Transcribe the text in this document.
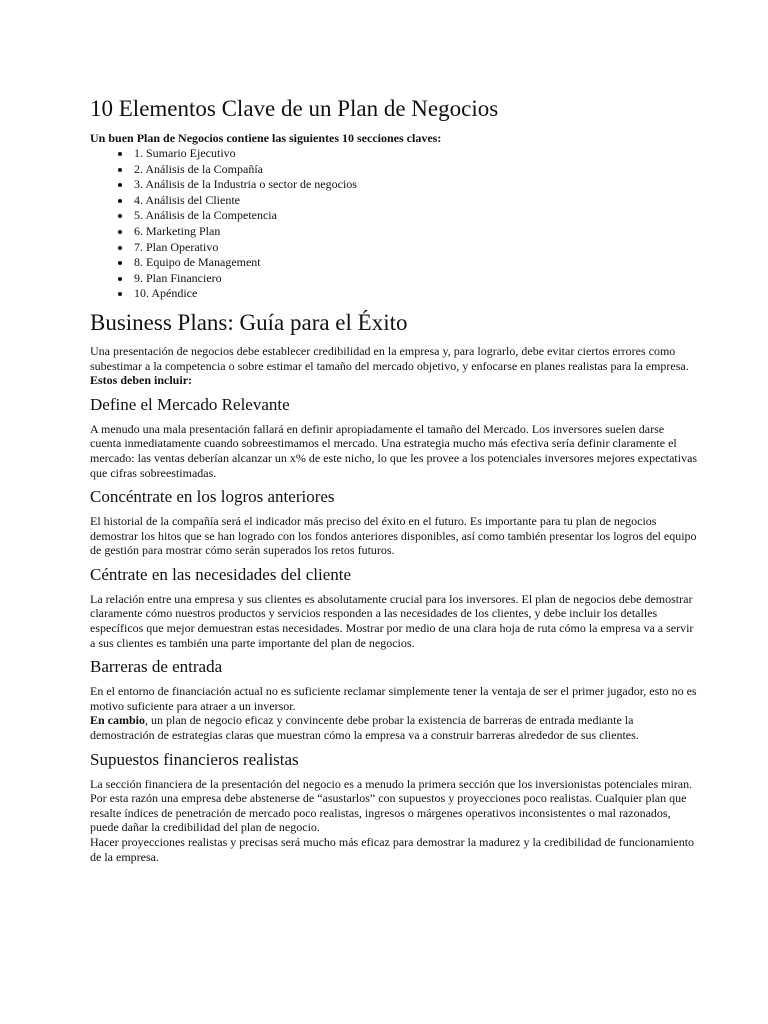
10 Elementos Clave de un Plan de Negocios

Un buen Plan de Negocios contiene las siguientes 10 secciones claves:

• 1. Sumario Ejecutivo
• 2. Análisis de la Compañía
• 3. Análisis de la Industria o sector de negocios
• 4. Análisis del Cliente
• 5. Análisis de la Competencia
• 6. Marketing Plan
• 7. Plan Operativo
• 8. Equipo de Management
• 9. Plan Financiero
• 10. Apéndice
Business Plans: Guía para el Éxito

Una presentación de negocios debe establecer credibilidad en la empresa y, para lograrlo, debe evitar ciertos errores como subestimar a la competencia o sobre estimar el tamaño del mercado objetivo, y enfocarse en planes realistas para la empresa.

Estos deben incluir:

Define el Mercado Relevante

A menudo una mala presentación fallará en definir apropiadamente el tamaño del Mercado. Los inversores suelen darse cuenta inmediatamente cuando sobreestimamos el mercado. Una estrategia mucho más efectiva sería definir claramente el mercado: las ventas deberían alcanzar un x% de este nicho, lo que les provee a los potenciales inversores mejores expectativas que cifras sobreestimadas.

Concéntrate en los logros anteriores

El historial de la compañía será el indicador más preciso del éxito en el futuro. Es importante para tu plan de negocios demostrar los hitos que se han logrado con los fondos anteriores disponibles, así como también presentar los logros del equipo de gestión para mostrar cómo serán superados los retos futuros.

Céntrate en las necesidades del cliente

La relación entre una empresa y sus clientes es absolutamente crucial para los inversores. El plan de negocios debe demostrar claramente cómo nuestros productos y servicios responden a las necesidades de los clientes, y debe incluir los detalles específicos que mejor demuestran estas necesidades. Mostrar por medio de una clara hoja de ruta cómo la empresa va a servir a sus clientes es también una parte importante del plan de negocios.

Barreras de entrada

En el entorno de financiación actual no es suficiente reclamar simplemente tener la ventaja de ser el primer jugador, esto no es motivo suficiente para atraer a un inversor.

En cambio, un plan de negocio eficaz y convincente debe probar la existencia de barreras de entrada mediante la demostración de estrategias claras que muestran cómo la empresa va a construir barreras alrededor de sus clientes.

Supuestos financieros realistas

La sección financiera de la presentación del negocio es a menudo la primera sección que los inversionistas potenciales miran. Por esta razón una empresa debe abstenerse de “asustarlos” con supuestos y proyecciones poco realistas. Cualquier plan que resalte índices de penetración de mercado poco realistas, ingresos o márgenes operativos inconsistentes o mal razonados, puede dañar la credibilidad del plan de negocio.

Hacer proyecciones realistas y precisas será mucho más eficaz para demostrar la madurez y la credibilidad de funcionamiento de la empresa.
